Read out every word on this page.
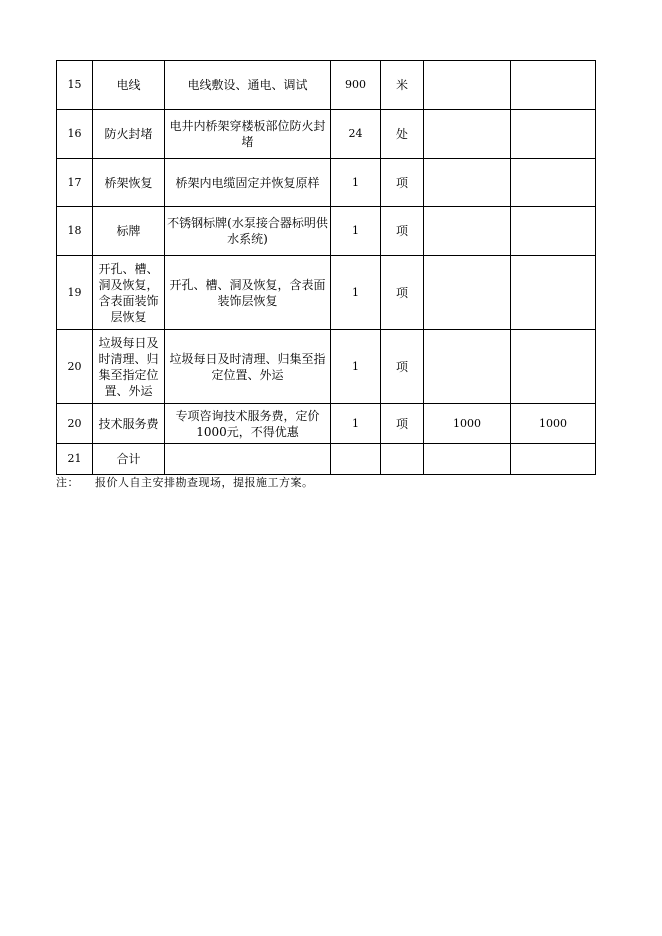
15	电线	电线敷设、通电、调试	900	米		
16	防火封堵	电井内桥架穿楼板部位防火封堵	24	处		
17	桥架恢复	桥架内电缆固定并恢复原样	1	项		
18	标牌	不锈钢标牌(水泵接合器标明供水系统)	1	项		
19	开孔、槽、洞及恢复，含表面装饰层恢复	开孔、槽、洞及恢复，含表面装饰层恢复	1	项		
20	垃圾每日及时清理、归集至指定位置、外运	垃圾每日及时清理、归集至指定位置、外运	1	项		
20	技术服务费	专项咨询技术服务费，定价1000元，不得优惠	1	项	1000	1000
21	合计					
注： 报价人自主安排勘查现场，提报施工方案。
